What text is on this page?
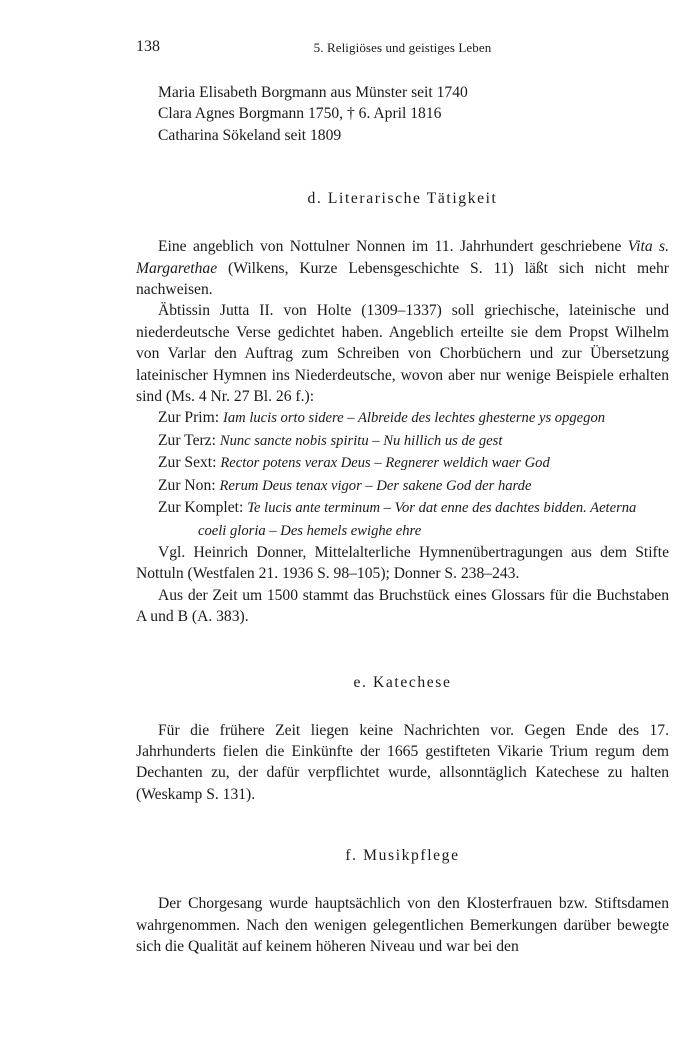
138	5. Religiöses und geistiges Leben
Maria Elisabeth Borgmann aus Münster seit 1740
Clara Agnes Borgmann 1750, † 6. April 1816
Catharina Sökeland seit 1809
d. Literarische Tätigkeit

Eine angeblich von Nottulner Nonnen im 11. Jahrhundert geschriebene Vita s. Margarethae (Wilkens, Kurze Lebensgeschichte S. 11) läßt sich nicht mehr nachweisen.

Äbtissin Jutta II. von Holte (1309–1337) soll griechische, lateinische und niederdeutsche Verse gedichtet haben. Angeblich erteilte sie dem Propst Wilhelm von Varlar den Auftrag zum Schreiben von Chorbüchern und zur Übersetzung lateinischer Hymnen ins Niederdeutsche, wovon aber nur wenige Beispiele erhalten sind (Ms. 4 Nr. 27 Bl. 26 f.):

Zur Prim: Iam lucis orto sidere – Albreide des lechtes ghesterne ys opgegon
Zur Terz: Nunc sancte nobis spiritu – Nu hillich us de gest
Zur Sext: Rector potens verax Deus – Regnerer weldich waer God
Zur Non: Rerum Deus tenax vigor – Der sakene God der harde
Zur Komplet: Te lucis ante terminum – Vor dat enne des dachtes bidden. Aeterna
coeli gloria – Des hemels ewighe ehre

Vgl. Heinrich Donner, Mittelalterliche Hymnenübertragungen aus dem Stifte Nottuln (Westfalen 21. 1936 S. 98–105); Donner S. 238–243.

Aus der Zeit um 1500 stammt das Bruchstück eines Glossars für die Buchstaben A und B (A. 383).

e. Katechese

Für die frühere Zeit liegen keine Nachrichten vor. Gegen Ende des 17. Jahrhunderts fielen die Einkünfte der 1665 gestifteten Vikarie Trium regum dem Dechanten zu, der dafür verpflichtet wurde, allsonntäglich Katechese zu halten (Weskamp S. 131).

f. Musikpflege

Der Chorgesang wurde hauptsächlich von den Klosterfrauen bzw. Stiftsdamen wahrgenommen. Nach den wenigen gelegentlichen Bemerkungen darüber bewegte sich die Qualität auf keinem höheren Niveau und war bei den
